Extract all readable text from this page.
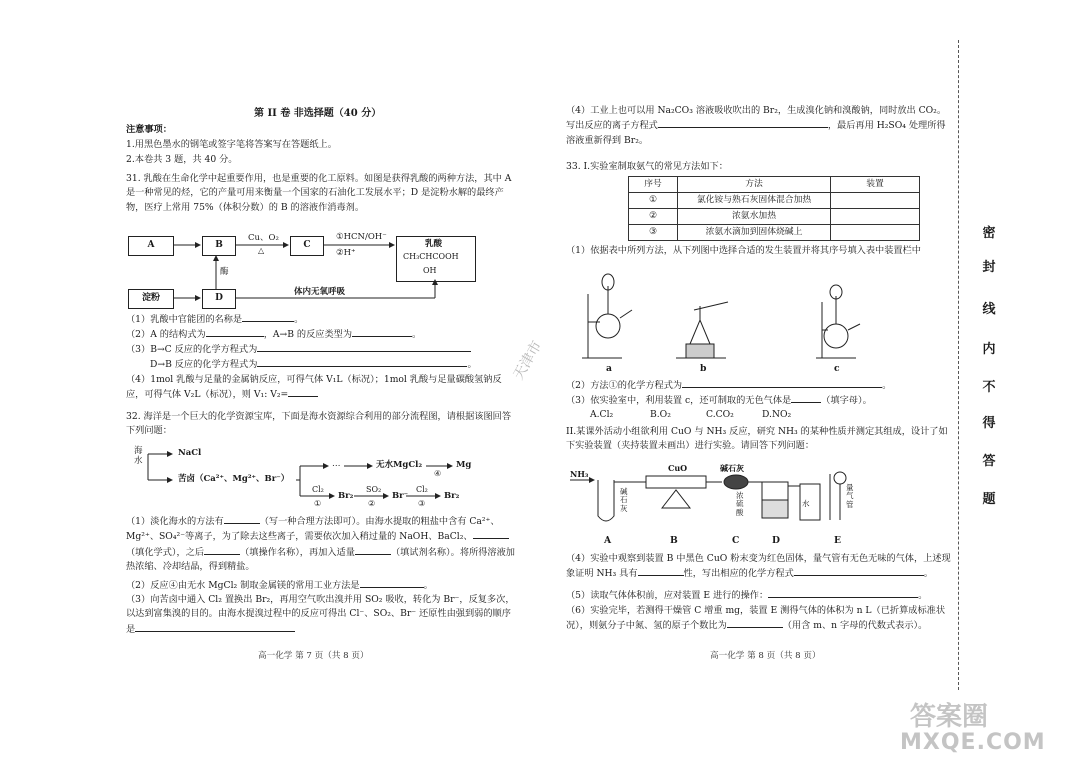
第 II 卷 非选择题（40 分）
注意事项：
1.用黑色墨水的钢笔或签字笔将答案写在答题纸上。
2.本卷共 3 题，共 40 分。
31. 乳酸在生命化学中起重要作用，也是重要的化工原料。如图是获得乳酸的两种方法，其中 A 是一种常见的烃，它的产量可用来衡量一个国家的石油化工发展水平；D 是淀粉水解的最终产物，医疗上常用 75%（体积分数）的 B 的溶液作消毒剂。
A	B	C
淀粉	D
Cu、O₂
△
①HCN/OH⁻
②H⁺
酶
乳酸
CH₃CHCOOH
OH
体内无氧呼吸
（1）乳酸中官能团的名称是	。
（2）A 的结构式为	，A→B 的反应类型为	。
（3）B→C 反应的化学方程式为
D→B 反应的化学方程式为	。
（4）1mol 乳酸与足量的金属钠反应，可得气体 V₁L（标况）；1mol 乳酸与足量碳酸氢钠反应，可得气体 V₂L（标况），则 V₁: V₂=
32. 海洋是一个巨大的化学资源宝库，下面是海水资源综合利用的部分流程图，请根据该图回答下列问题：
海水
NaCl
苦卤（Ca²⁺、Mg²⁺、Br⁻）
…	无水MgCl₂	Mg
④
Cl₂
①
Br₂
SO₂
②
Br⁻
Cl₂
③
Br₂
（1）淡化海水的方法有	（写一种合理方法即可）。由海水提取的粗盐中含有 Ca²⁺、Mg²⁺、SO₄²⁻等离子，为了除去这些离子，需要依次加入稍过量的 NaOH、BaCl₂、（填化学式），之后	（填操作名称），再加入适量	（填试剂名称）。将所得溶液加热浓缩、冷却结晶，得到精盐。
（2）反应④由无水 MgCl₂ 制取金属镁的常用工业方法是	。
（3）向苦卤中通入 Cl₂ 置换出 Br₂，再用空气吹出溴并用 SO₂ 吸收，转化为 Br⁻，反复多次，以达到富集溴的目的。由海水提溴过程中的反应可得出 Cl⁻、SO₂、Br⁻ 还原性由强到弱的顺序是
高一化学 第 7 页（共 8 页）
（4）工业上也可以用 Na₂CO₃ 溶液吸收吹出的 Br₂，生成溴化钠和溴酸钠，同时放出 CO₂。写出反应的离子方程式	，最后再用 H₂SO₄ 处理所得溶液重新得到 Br₂。
33. I.实验室制取氨气的常见方法如下：
序号	方法	装置
①	氯化铵与熟石灰固体混合加热	
②	浓氨水加热	
③	浓氨水滴加到固体烧碱上	
（1）依据表中所列方法，从下列图中选择合适的发生装置并将其序号填入表中装置栏中
a	b	c
（2）方法①的化学方程式为	。
（3）依实验室中，利用装置 c，还可制取的无色气体是	（填字母）。
A.Cl₂	B.O₂	C.CO₂	D.NO₂
II.某课外活动小组欲利用 CuO 与 NH₃ 反应，研究 NH₃ 的某种性质并测定其组成，设计了如下实验装置（夹持装置未画出）进行实验。请回答下列问题：
NH₃
CuO	碱石灰
碱石灰
浓硫酸
水
量气管
A	B	C	D	E
（4）实验中观察到装置 B 中黑色 CuO 粉末变为红色固体，量气管有无色无味的气体，上述现象证明 NH₃ 具有	性，写出相应的化学方程式	。
（5）读取气体体积前，应对装置 E 进行的操作：	。
（6）实验完毕，若测得干燥管 C 增重 mg，装置 E 测得气体的体积为 n L（已折算成标准状况），则氨分子中氮、氢的原子个数比为	（用含 m、n 字母的代数式表示）。
高一化学 第 8 页（共 8 页）
密
封
线
内
不
得
答
题
天津市
答案圈
MXQE.COM
